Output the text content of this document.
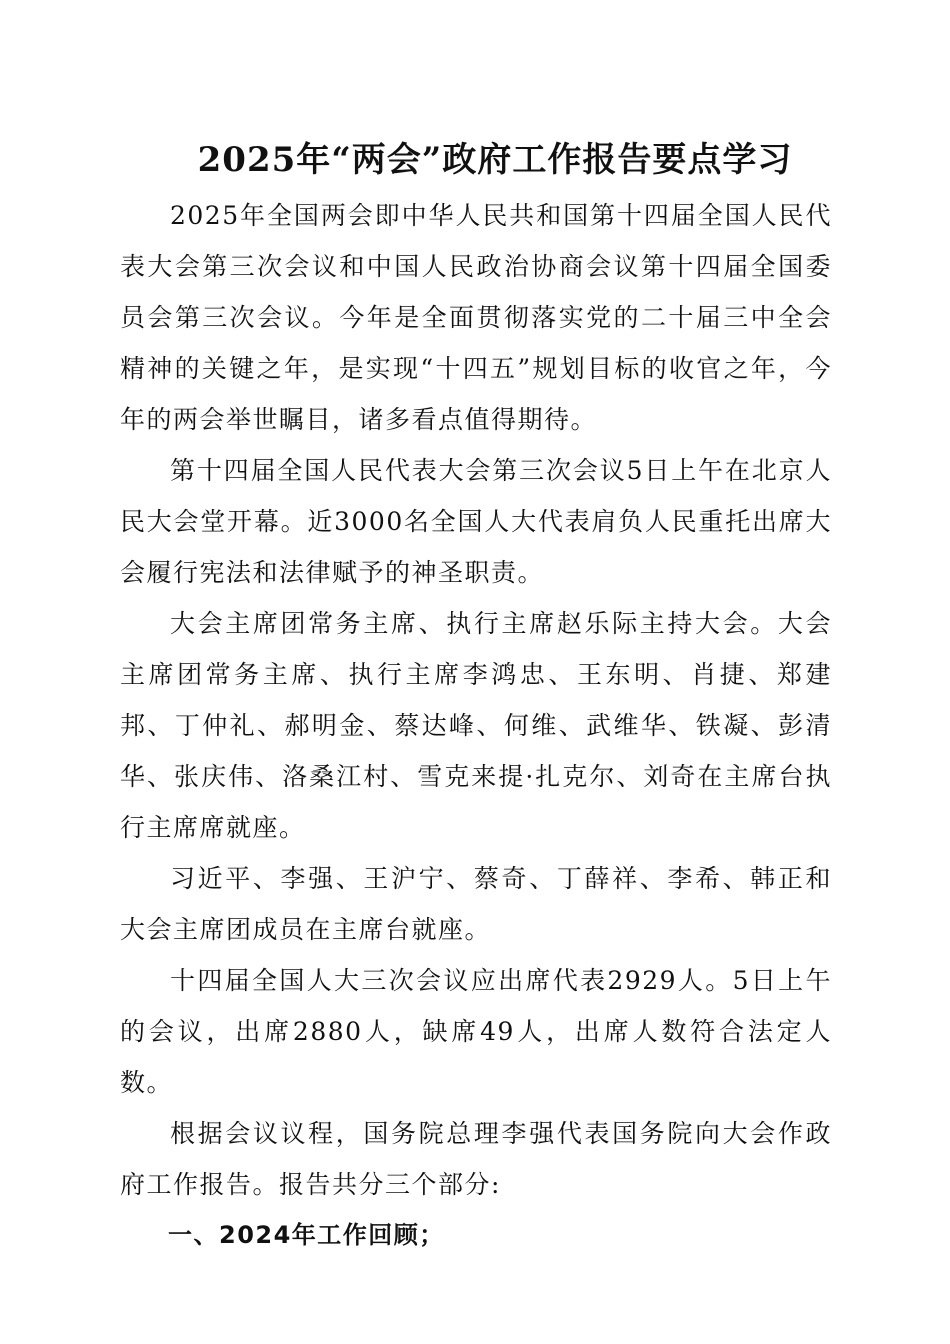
2025年“两会”政府工作报告要点学习

2025年全国两会即中华人民共和国第十四届全国人民代表大会第三次会议和中国人民政治协商会议第十四届全国委员会第三次会议。今年是全面贯彻落实党的二十届三中全会精神的关键之年，是实现“十四五”规划目标的收官之年，今年的两会举世瞩目，诸多看点值得期待。

第十四届全国人民代表大会第三次会议5日上午在北京人民大会堂开幕。近3000名全国人大代表肩负人民重托出席大会履行宪法和法律赋予的神圣职责。

大会主席团常务主席、执行主席赵乐际主持大会。大会主席团常务主席、执行主席李鸿忠、王东明、肖捷、郑建邦、丁仲礼、郝明金、蔡达峰、何维、武维华、铁凝、彭清华、张庆伟、洛桑江村、雪克来提·扎克尔、刘奇在主席台执行主席席就座。

习近平、李强、王沪宁、蔡奇、丁薛祥、李希、韩正和大会主席团成员在主席台就座。

十四届全国人大三次会议应出席代表2929人。5日上午的会议，出席2880人，缺席49人，出席人数符合法定人数。

根据会议议程，国务院总理李强代表国务院向大会作政府工作报告。报告共分三个部分:

一、2024年工作回顾；
